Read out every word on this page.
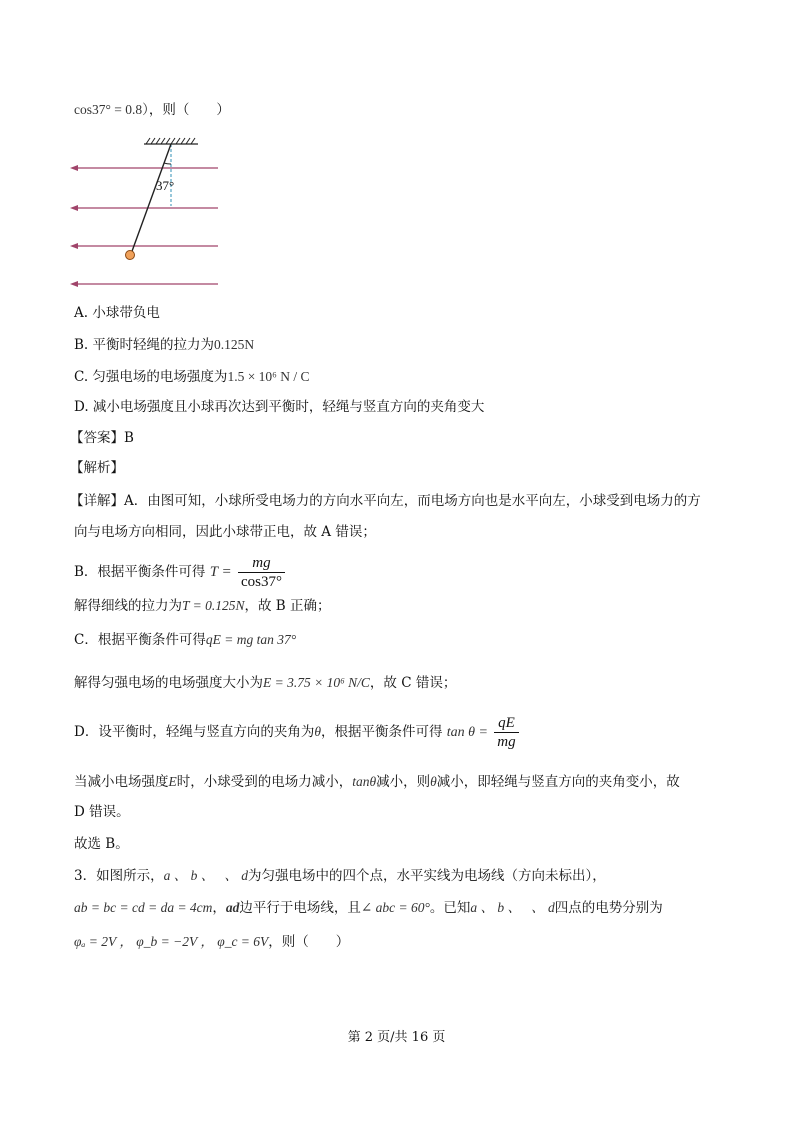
cos37° = 0.8），则（　　）
37°
A. 小球带负电
B. 平衡时轻绳的拉力为0.125N
C. 匀强电场的电场强度为1.5 × 10⁶ N / C
D. 减小电场强度且小球再次达到平衡时，轻绳与竖直方向的夹角变大
【答案】B
【解析】
【详解】A．由图可知，小球所受电场力的方向水平向左，而电场方向也是水平向左，小球受到电场力的方
向与电场方向相同，因此小球带正电，故 A 错误；
B．根据平衡条件可得 $T = \frac{mg}{\cos 37^\circ}$
解得细线的拉力为T = 0.125N，故 B 正确；
C．根据平衡条件可得qE = mg tan 37°
解得匀强电场的电场强度大小为E = 3.75 × 10⁶ N/C，故 C 错误；
D．设平衡时，轻绳与竖直方向的夹角为θ，根据平衡条件可得 $\tan \theta = \frac{qE}{mg}$
当减小电场强度E时，小球受到的电场力减小，tanθ减小，则θ减小，即轻绳与竖直方向的夹角变小，故
D 错误。
故选 B。
3．如图所示，a 、 b 、　 、 d为匀强电场中的四个点，水平实线为电场线（方向未标出），
ab = bc = cd = da = 4cm，ad边平行于电场线，且∠ abc = 60°。已知a 、 b 、　 、 d四点的电势分别为
φₐ = 2V ， φ_b = −2V ， φ_c = 6V，则（　　）
第 2 页/共 16 页
